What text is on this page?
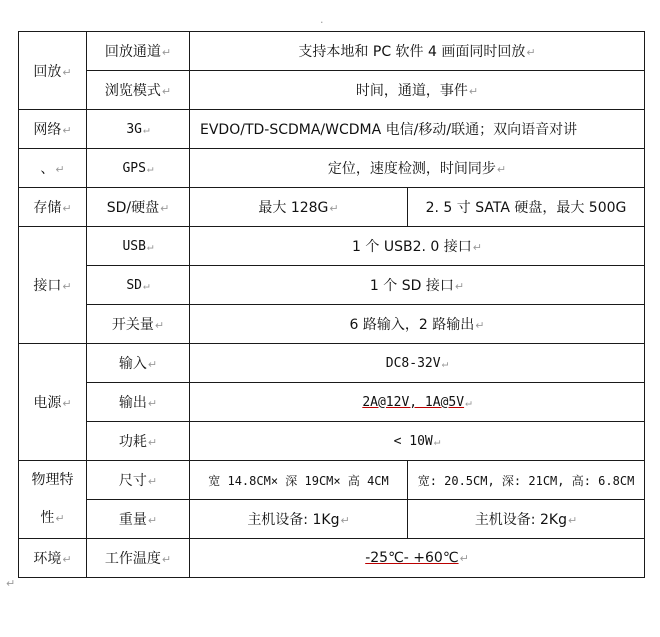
.
回放↵	回放通道↵	支持本地和 PC 软件 4 画面同时回放↵	
	浏览模式↵	时间，通道，事件↵	
网络↵	3G↵	EVDO/TD-SCDMA/WCDMA 电信/移动/联通；双向语音对讲	
、↵	GPS↵	定位，速度检测，时间同步↵	
存储↵	SD/硬盘↵	最大 128G↵	2. 5 寸 SATA 硬盘，最大 500G
接口↵	USB↵	1 个 USB2. 0 接口↵	
	SD↵	1 个 SD 接口↵	
	开关量↵	6 路输入，2 路输出↵	
电源↵	输入↵	DC8-32V↵	
	输出↵	2A@12V, 1A@5V↵	
	功耗↵	< 10W↵	

物理特
性↵	尺寸↵	宽 14.8CM× 深 19CM× 高 4CM	宽: 20.5CM, 深: 21CM, 高: 6.8CM
	重量↵	主机设备: 1Kg↵	主机设备: 2Kg↵
环境↵	工作温度↵	-25℃- +60℃↵	
↵
